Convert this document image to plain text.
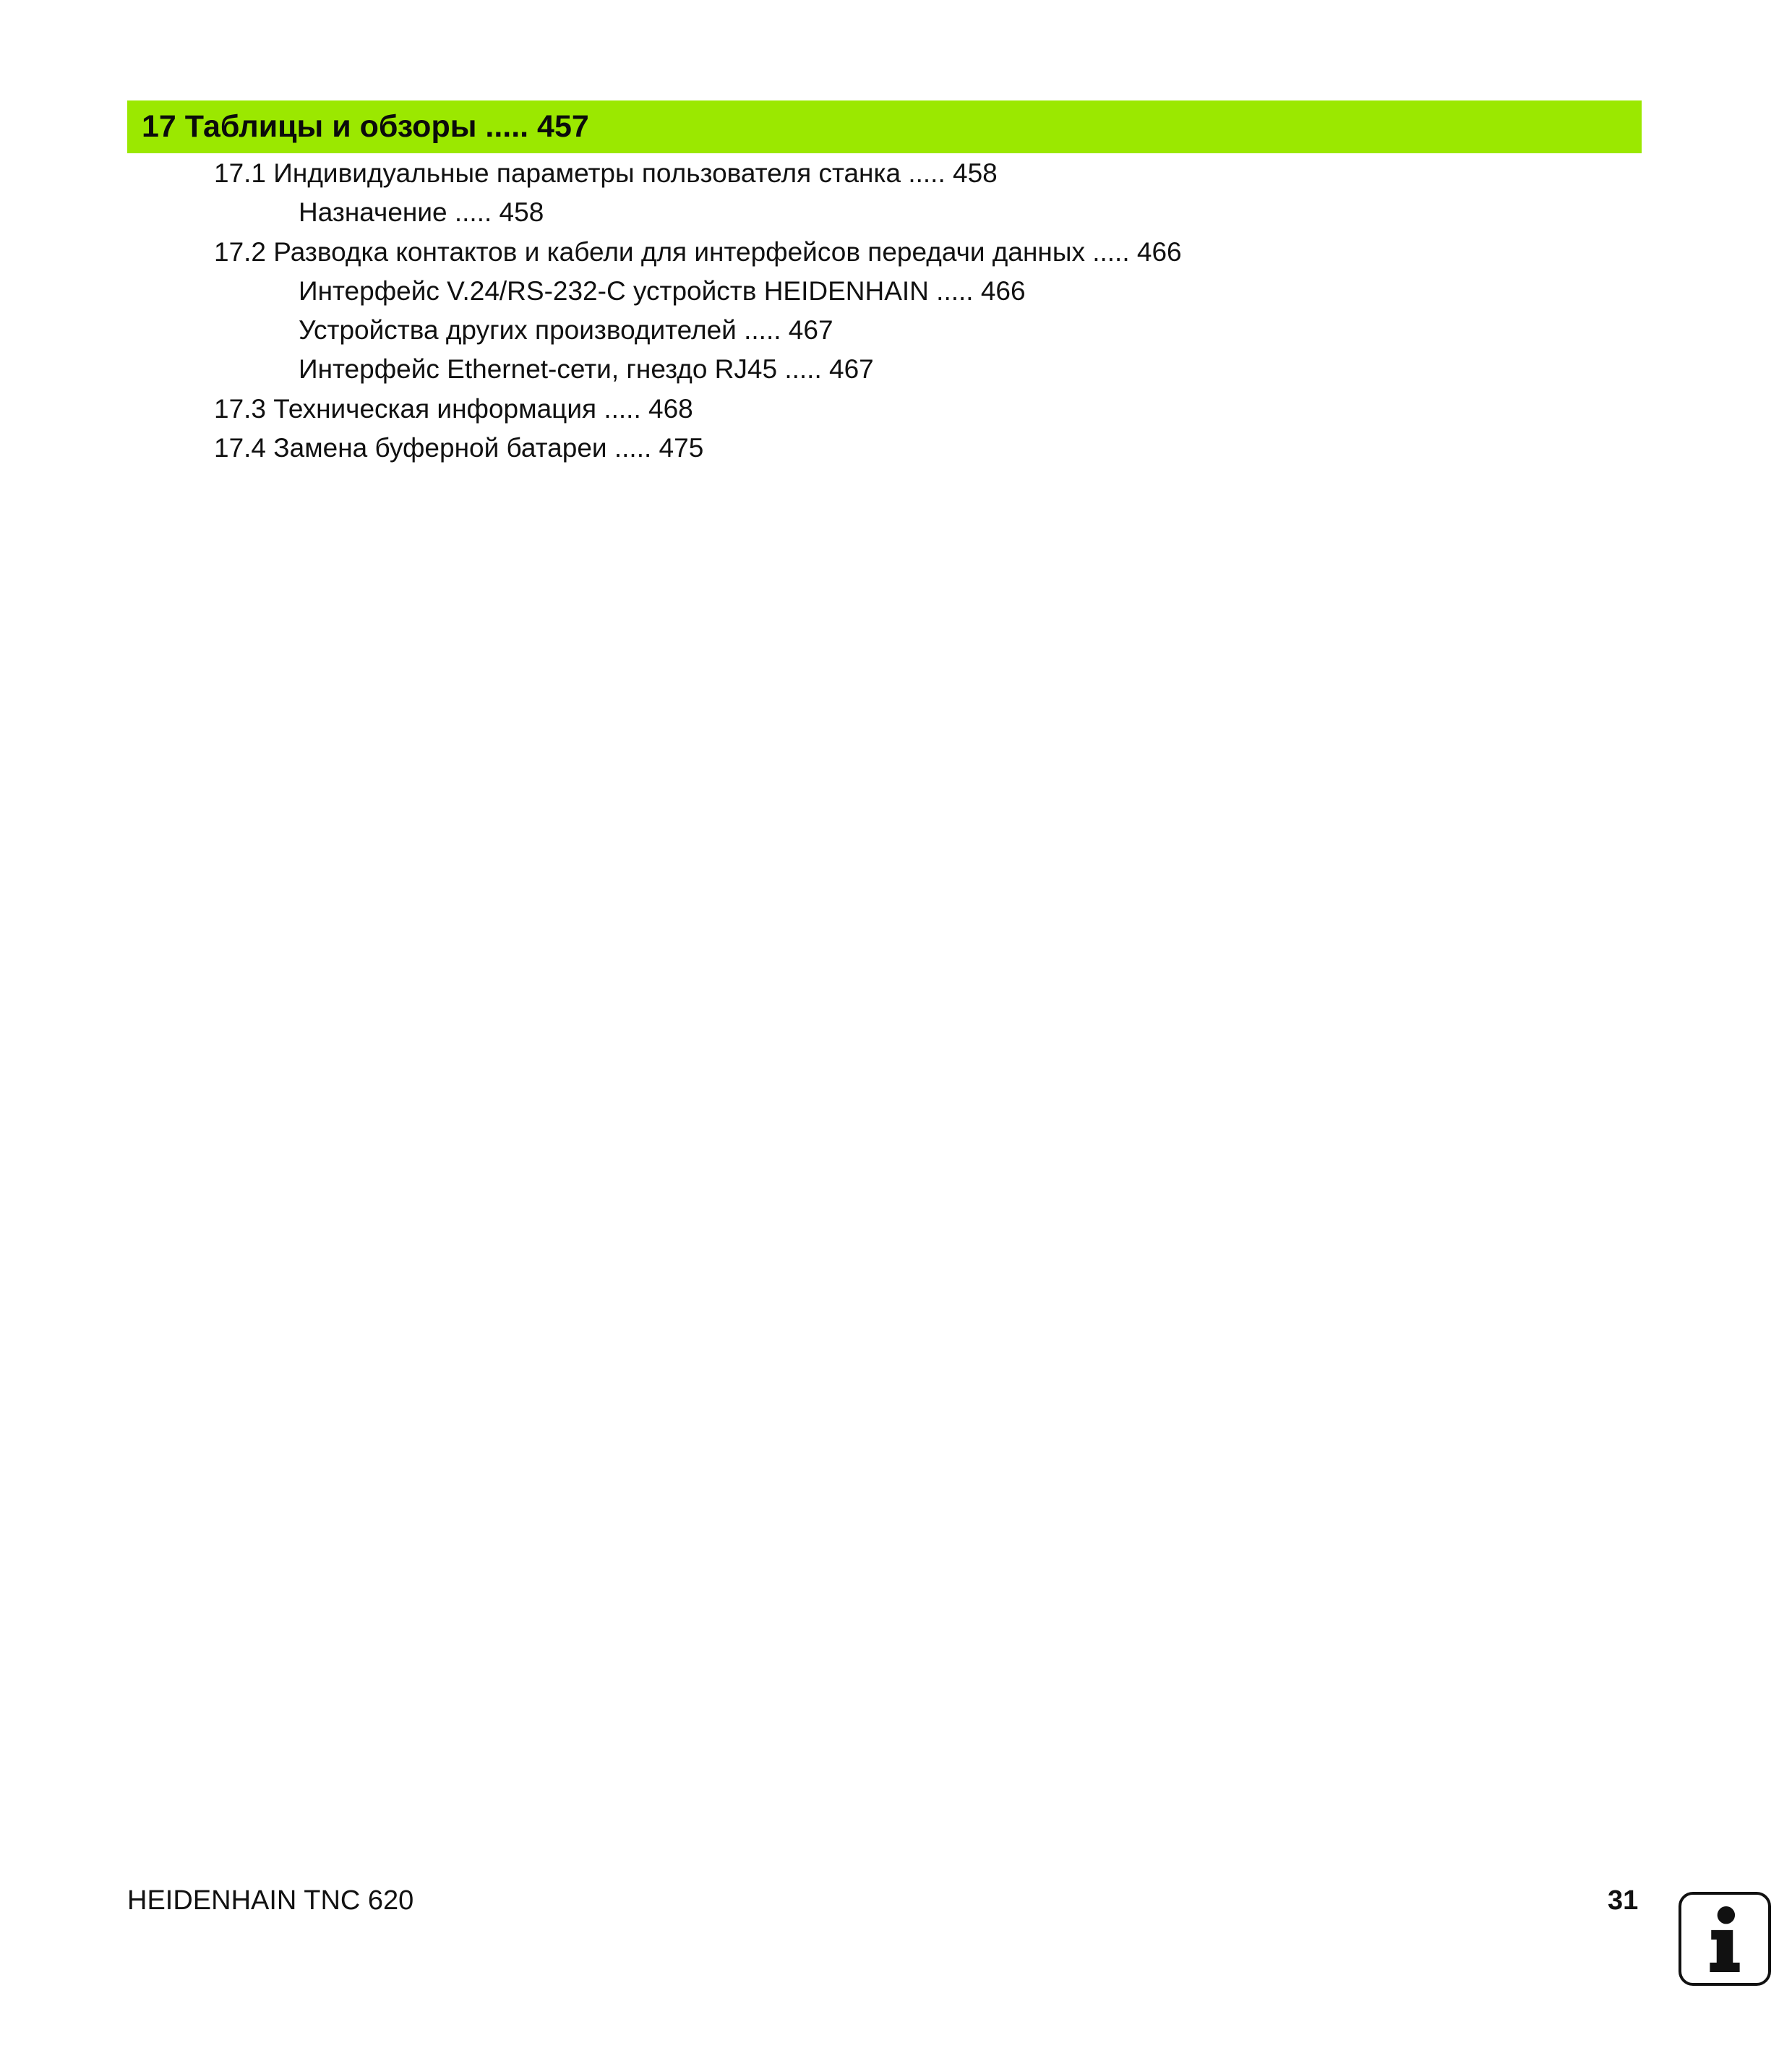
17 Таблицы и обзоры ..... 457
17.1 Индивидуальные параметры пользователя станка ..... 458
Назначение ..... 458
17.2 Разводка контактов и кабели для интерфейсов передачи данных ..... 466
Интерфейс V.24/RS-232-C устройств HEIDENHAIN ..... 466
Устройства других производителей ..... 467
Интерфейс Ethernet-сети, гнездо RJ45 ..... 467
17.3 Техническая информация ..... 468
17.4 Замена буферной батареи ..... 475
HEIDENHAIN TNC 620	31
